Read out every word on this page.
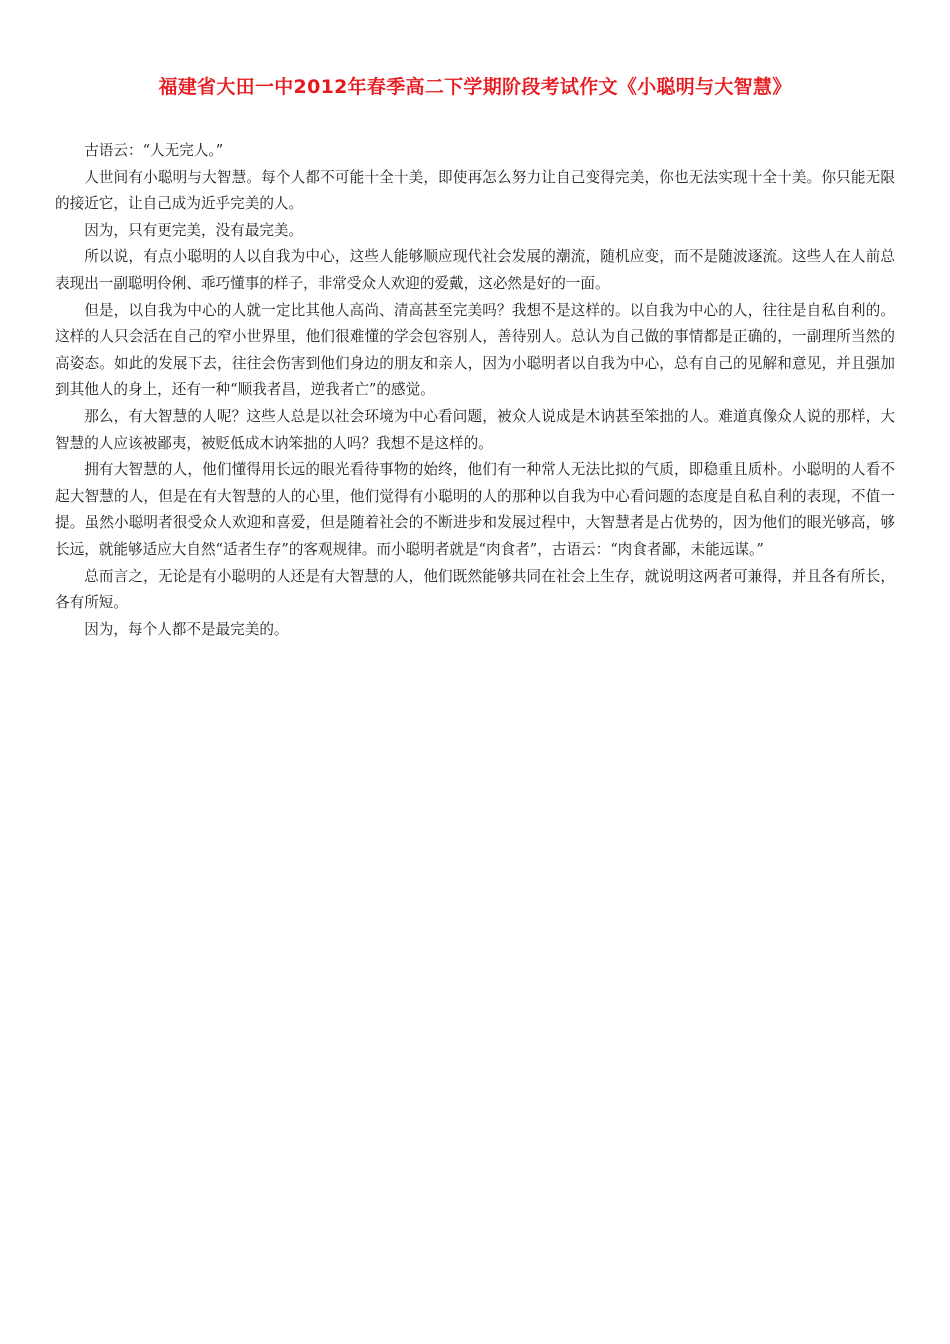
福建省大田一中2012年春季高二下学期阶段考试作文《小聪明与大智慧》

古语云：“人无完人。”

人世间有小聪明与大智慧。每个人都不可能十全十美，即使再怎么努力让自己变得完美，你也无法实现十全十美。你只能无限的接近它，让自己成为近乎完美的人。

因为，只有更完美，没有最完美。

所以说，有点小聪明的人以自我为中心，这些人能够顺应现代社会发展的潮流，随机应变，而不是随波逐流。这些人在人前总表现出一副聪明伶俐、乖巧懂事的样子，非常受众人欢迎的爱戴，这必然是好的一面。

但是，以自我为中心的人就一定比其他人高尚、清高甚至完美吗？我想不是这样的。以自我为中心的人，往往是自私自利的。这样的人只会活在自己的窄小世界里，他们很难懂的学会包容别人，善待别人。总认为自己做的事情都是正确的，一副理所当然的高姿态。如此的发展下去，往往会伤害到他们身边的朋友和亲人，因为小聪明者以自我为中心，总有自己的见解和意见，并且强加到其他人的身上，还有一种“顺我者昌，逆我者亡”的感觉。

那么，有大智慧的人呢？这些人总是以社会环境为中心看问题，被众人说成是木讷甚至笨拙的人。难道真像众人说的那样，大智慧的人应该被鄙夷，被贬低成木讷笨拙的人吗？我想不是这样的。

拥有大智慧的人，他们懂得用长远的眼光看待事物的始终，他们有一种常人无法比拟的气质，即稳重且质朴。小聪明的人看不起大智慧的人，但是在有大智慧的人的心里，他们觉得有小聪明的人的那种以自我为中心看问题的态度是自私自利的表现，不值一提。虽然小聪明者很受众人欢迎和喜爱，但是随着社会的不断进步和发展过程中，大智慧者是占优势的，因为他们的眼光够高，够长远，就能够适应大自然“适者生存”的客观规律。而小聪明者就是“肉食者”，古语云：“肉食者鄙，未能远谋。”

总而言之，无论是有小聪明的人还是有大智慧的人，他们既然能够共同在社会上生存，就说明这两者可兼得，并且各有所长，各有所短。

因为，每个人都不是最完美的。
